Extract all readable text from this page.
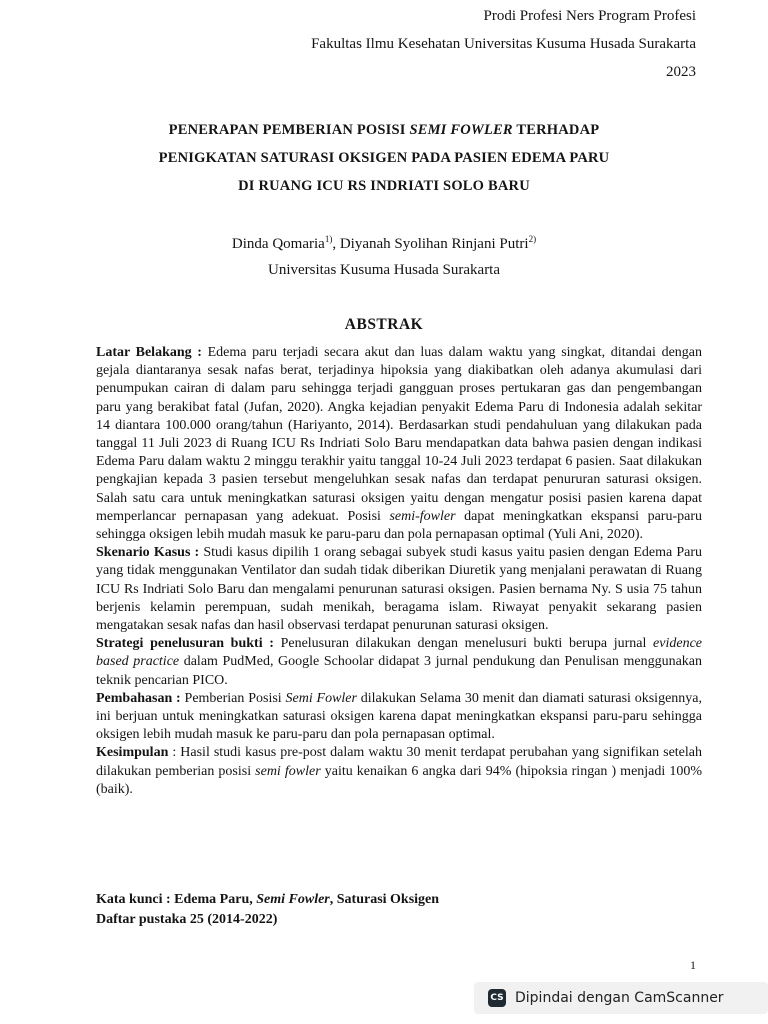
Prodi Profesi Ners Program Profesi
Fakultas Ilmu Kesehatan Universitas Kusuma Husada Surakarta
2023
PENERAPAN PEMBERIAN POSISI SEMI FOWLER TERHADAP
PENIGKATAN SATURASI OKSIGEN PADA PASIEN EDEMA PARU
DI RUANG ICU RS INDRIATI SOLO BARU
Dinda Qomaria$^{1)}$, Diyanah Syolihan Rinjani Putri$^{2)}$
Universitas Kusuma Husada Surakarta
ABSTRAK

Latar Belakang : Edema paru terjadi secara akut dan luas dalam waktu yang singkat, ditandai dengan gejala diantaranya sesak nafas berat, terjadinya hipoksia yang diakibatkan oleh adanya akumulasi dari penumpukan cairan di dalam paru sehingga terjadi gangguan proses pertukaran gas dan pengembangan paru yang berakibat fatal (Jufan, 2020). Angka kejadian penyakit Edema Paru di Indonesia adalah sekitar 14 diantara 100.000 orang/tahun (Hariyanto, 2014). Berdasarkan studi pendahuluan yang dilakukan pada tanggal 11 Juli 2023 di Ruang ICU Rs Indriati Solo Baru mendapatkan data bahwa pasien dengan indikasi Edema Paru dalam waktu 2 minggu terakhir yaitu tanggal 10-24 Juli 2023 terdapat 6 pasien. Saat dilakukan pengkajian kepada 3 pasien tersebut mengeluhkan sesak nafas dan terdapat penururan saturasi oksigen. Salah satu cara untuk meningkatkan saturasi oksigen yaitu dengan mengatur posisi pasien karena dapat memperlancar pernapasan yang adekuat. Posisi semi-fowler dapat meningkatkan ekspansi paru-paru sehingga oksigen lebih mudah masuk ke paru-paru dan pola pernapasan optimal (Yuli Ani, 2020).

Skenario Kasus : Studi kasus dipilih 1 orang sebagai subyek studi kasus yaitu pasien dengan Edema Paru yang tidak menggunakan Ventilator dan sudah tidak diberikan Diuretik yang menjalani perawatan di Ruang ICU Rs Indriati Solo Baru dan mengalami penurunan saturasi oksigen. Pasien bernama Ny. S usia 75 tahun berjenis kelamin perempuan, sudah menikah, beragama islam. Riwayat penyakit sekarang pasien mengatakan sesak nafas dan hasil observasi terdapat penurunan saturasi oksigen.

Strategi penelusuran bukti : Penelusuran dilakukan dengan menelusuri bukti berupa jurnal evidence based practice dalam PudMed, Google Schoolar didapat 3 jurnal pendukung dan Penulisan menggunakan teknik pencarian PICO.

Pembahasan : Pemberian Posisi Semi Fowler dilakukan Selama 30 menit dan diamati saturasi oksigennya, ini berjuan untuk meningkatkan saturasi oksigen karena dapat meningkatkan ekspansi paru-paru sehingga oksigen lebih mudah masuk ke paru-paru dan pola pernapasan optimal.

Kesimpulan : Hasil studi kasus pre-post dalam waktu 30 menit terdapat perubahan yang signifikan setelah dilakukan pemberian posisi semi fowler yaitu kenaikan 6 angka dari 94% (hipoksia ringan ) menjadi 100% (baik).

Kata kunci : Edema Paru, Semi Fowler, Saturasi Oksigen
Daftar pustaka 25 (2014-2022)
1
CS Dipindai dengan CamScanner
